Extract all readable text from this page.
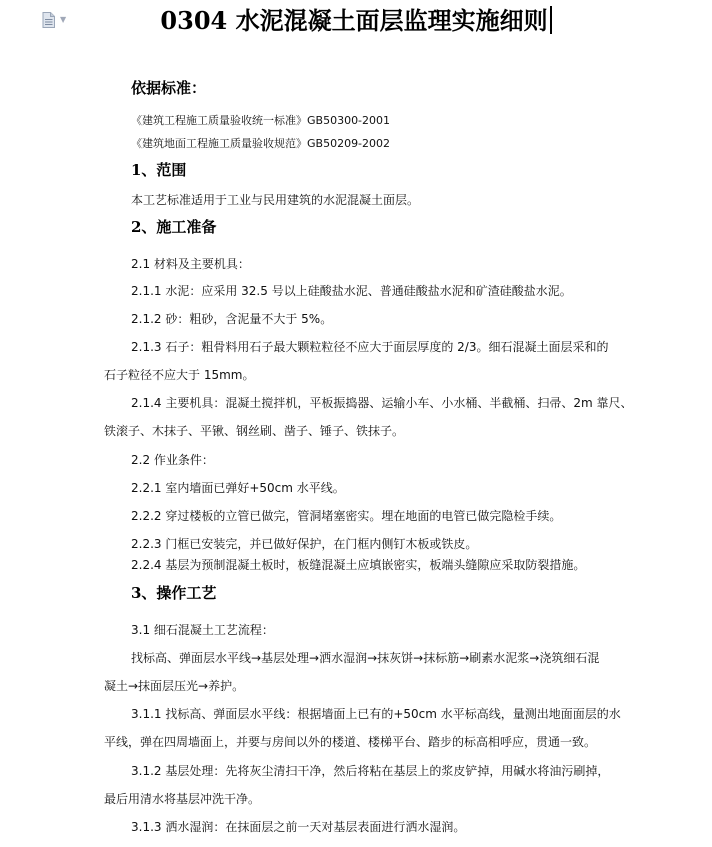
▼	0304 水泥混凝土面层监理实施细则
依据标准：
《建筑工程施工质量验收统一标准》GB50300-2001
《建筑地面工程施工质量验收规范》GB50209-2002
1、范围
本工艺标准适用于工业与民用建筑的水泥混凝土面层。
2、施工准备
2.1 材料及主要机具：
2.1.1 水泥：应采用 32.5 号以上硅酸盐水泥、普通硅酸盐水泥和矿渣硅酸盐水泥。
2.1.2 砂：粗砂，含泥量不大于 5%。
2.1.3 石子：粗骨料用石子最大颗粒粒径不应大于面层厚度的 2/3。细石混凝土面层采和的
石子粒径不应大于 15mm。
2.1.4 主要机具：混凝土搅拌机，平板振捣器、运输小车、小水桶、半截桶、扫帚、2m 靠尺、
铁滚子、木抹子、平锹、钢丝刷、凿子、锤子、铁抹子。
2.2 作业条件：
2.2.1 室内墙面已弹好+50cm 水平线。
2.2.2 穿过楼板的立管已做完，管洞堵塞密实。埋在地面的电管已做完隐检手续。
2.2.3 门框已安装完，并已做好保护，在门框内侧钉木板或铁皮。
2.2.4 基层为预制混凝土板时，板缝混凝土应填嵌密实，板端头缝隙应采取防裂措施。
3、操作工艺
3.1 细石混凝土工艺流程：
找标高、弹面层水平线→基层处理→洒水湿润→抹灰饼→抹标筋→刷素水泥浆→浇筑细石混
凝土→抹面层压光→养护。
3.1.1 找标高、弹面层水平线：根据墙面上已有的+50cm 水平标高线，量测出地面面层的水
平线，弹在四周墙面上，并要与房间以外的楼道、楼梯平台、踏步的标高相呼应，贯通一致。
3.1.2 基层处理：先将灰尘清扫干净，然后将粘在基层上的浆皮铲掉，用碱水将油污刷掉，
最后用清水将基层冲洗干净。
3.1.3 洒水湿润：在抹面层之前一天对基层表面进行洒水湿润。
